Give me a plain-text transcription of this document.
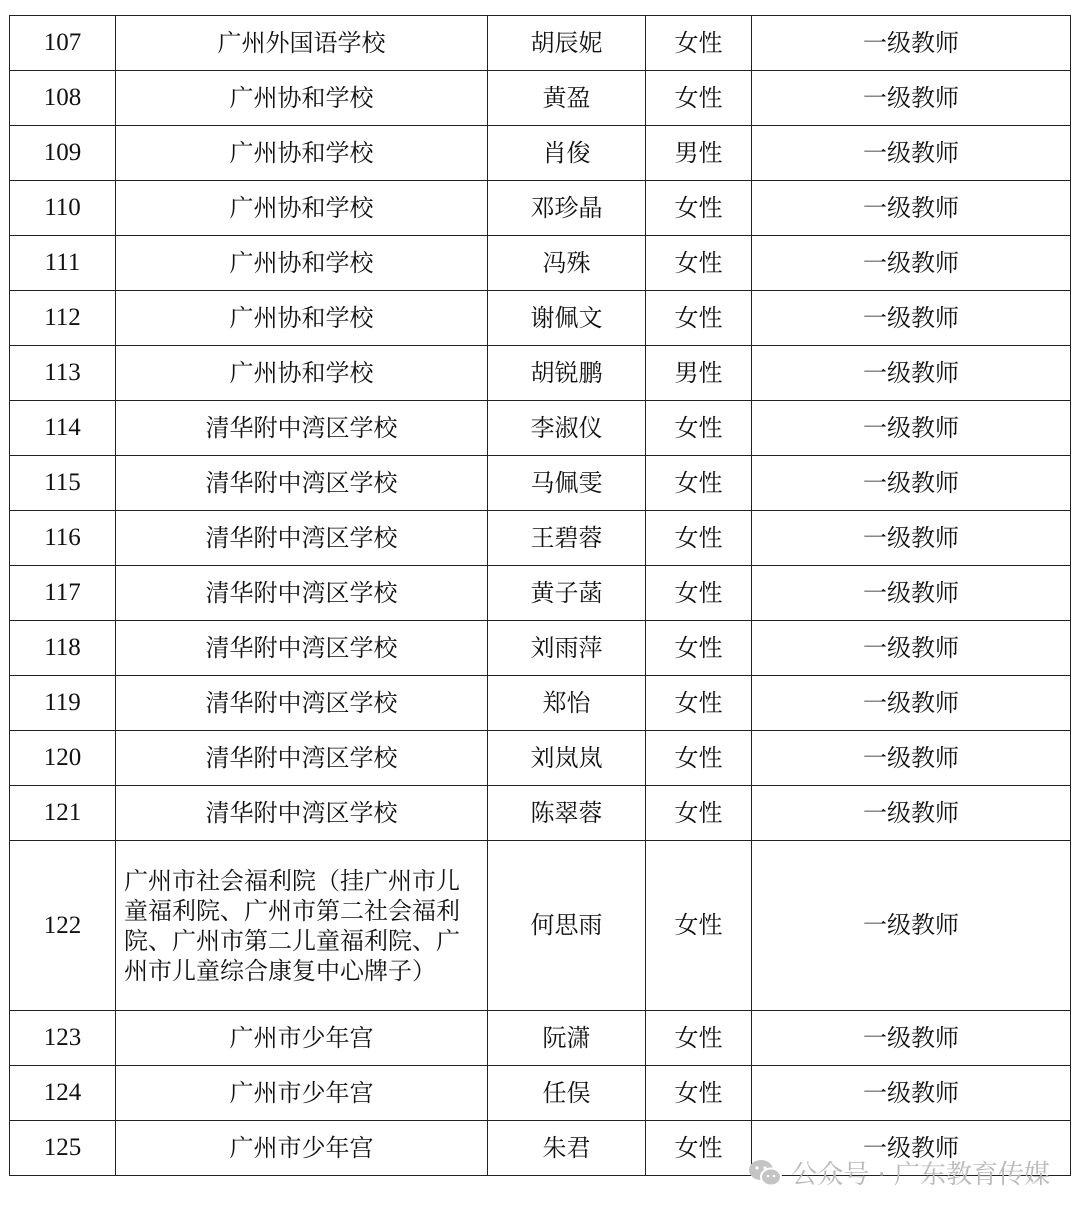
107	广州外国语学校	胡辰妮	女性	一级教师
108	广州协和学校	黄盈	女性	一级教师
109	广州协和学校	肖俊	男性	一级教师
110	广州协和学校	邓珍晶	女性	一级教师
111	广州协和学校	冯殊	女性	一级教师
112	广州协和学校	谢佩文	女性	一级教师
113	广州协和学校	胡锐鹏	男性	一级教师
114	清华附中湾区学校	李淑仪	女性	一级教师
115	清华附中湾区学校	马佩雯	女性	一级教师
116	清华附中湾区学校	王碧蓉	女性	一级教师
117	清华附中湾区学校	黄子菡	女性	一级教师
118	清华附中湾区学校	刘雨萍	女性	一级教师
119	清华附中湾区学校	郑怡	女性	一级教师
120	清华附中湾区学校	刘岚岚	女性	一级教师
121	清华附中湾区学校	陈翠蓉	女性	一级教师
122	广州市社会福利院（挂广州市儿童福利院、广州市第二社会福利院、广州市第二儿童福利院、广州市儿童综合康复中心牌子）	何思雨	女性	一级教师
123	广州市少年宫	阮潇	女性	一级教师
124	广州市少年宫	任俣	女性	一级教师
125	广州市少年宫	朱君	女性	一级教师
公众号 · 广东教育传媒
